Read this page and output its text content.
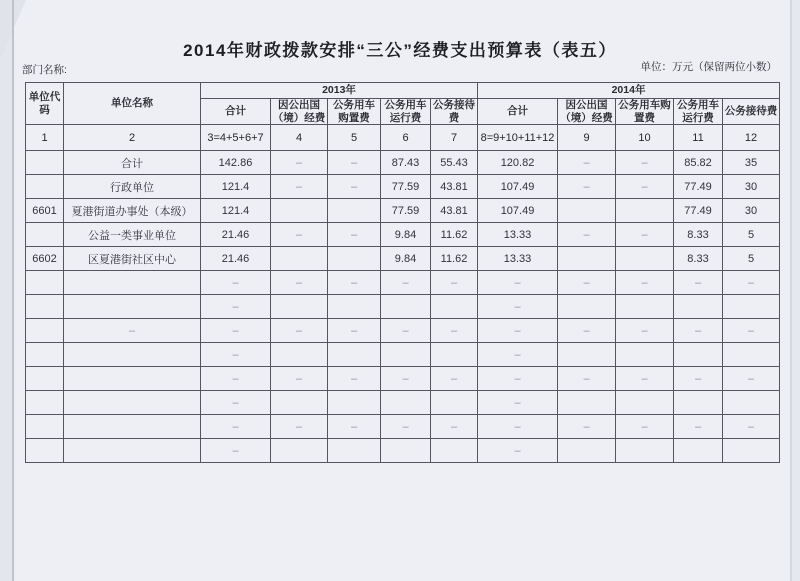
2014年财政拨款安排“三公”经费支出预算表（表五）
部门名称:	单位：万元（保留两位小数）
单位代码	单位名称	2013年					2014年				
		合计	因公出国（境）经费	公务用车购置费	公务用车运行费	公务接待费	合计	因公出国（境）经费	公务用车购置费	公务用车运行费	公务接待费
1	2	3=4+5+6+7	4	5	6	7	8=9+10+11+12	9	10	11	12
	合计	142.86	–	–	87.43	55.43	120.82	–	–	85.82	35
	行政单位	121.4	–	–	77.59	43.81	107.49	–	–	77.49	30
6601	夏港街道办事处（本级）	121.4			77.59	43.81	107.49			77.49	30
	公益一类事业单位	21.46	–	–	9.84	11.62	13.33	–	–	8.33	5
6602	区夏港街社区中心	21.46			9.84	11.62	13.33			8.33	5
		–	–	–	–	–	–	–	–	–	–
		–					–				
	–	–	–	–	–	–	–	–	–	–	–
		–					–				
		–	–	–	–	–	–	–	–	–	–
		–					–				
		–	–	–	–	–	–	–	–	–	–
		–					–				
